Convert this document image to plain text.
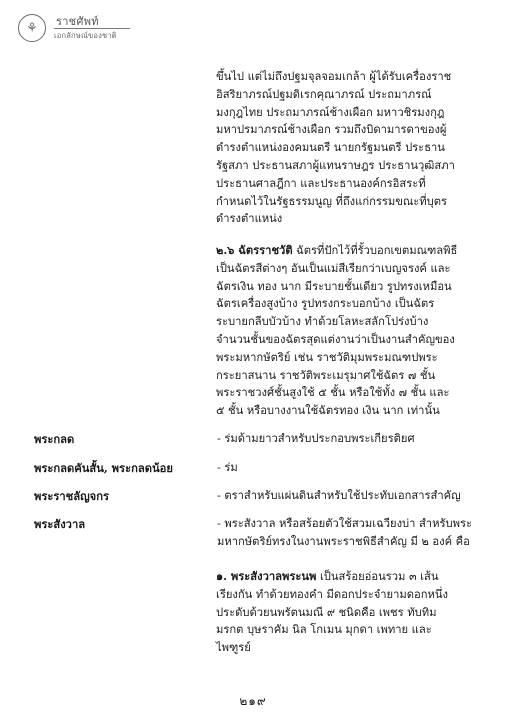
⚘	ราชศัพท์
เอกลักษณ์ของชาติ

ขึ้นไป แต่ไม่ถึงปฐมจุลจอมเกล้า ผู้ได้รับเครื่องราชอิสริยาภรณ์ปฐมดิเรกคุณาภรณ์ ประถมาภรณ์มงกุฎไทย ประถมาภรณ์ช้างเผือก มหาวชิรมงกุฎ มหาปรมาภรณ์ช้างเผือก รวมถึงบิดามารดาของผู้ดำรงตำแหน่งองคมนตรี นายกรัฐมนตรี ประธานรัฐสภา ประธานสภาผู้แทนราษฎร ประธานวุฒิสภา ประธานศาลฎีกา และประธานองค์กรอิสระที่กำหนดไว้ในรัฐธรรมนูญ ที่ถึงแก่กรรมขณะที่บุตรดำรงตำแหน่ง

๒.๖ ฉัตรราชวัติ ฉัตรที่ปักไว้ที่รั้วบอกเขตมณฑลพิธี เป็นฉัตรสีต่างๆ อันเป็นแม่สีเรียกว่าเบญจรงค์ และฉัตรเงิน ทอง นาก มีระบายชั้นเดียว รูปทรงเหมือนฉัตรเครื่องสูงบ้าง รูปทรงกระบอกบ้าง เป็นฉัตรระบายกลีบบัวบ้าง ทำด้วยโลหะสลักโปร่งบ้าง จำนวนชั้นของฉัตรสุดแต่งานว่าเป็นงานสำคัญของพระมหากษัตริย์ เช่น ราชวัติมุมพระมณฑปพระกระยาสนาน ราชวัติพระเมรุมาศใช้ฉัตร ๗ ชั้น พระราชวงศ์ชั้นสูงใช้ ๕ ชั้น หรือใช้ทั้ง ๗ ชั้น และ ๕ ชั้น หรือบางงานใช้ฉัตรทอง เงิน นาก เท่านั้น

พระกลด	- ร่มด้ามยาวสำหรับประกอบพระเกียรติยศ
พระกลดคันสั้น, พระกลดน้อย	- ร่ม
พระราชลัญจกร	- ตราสำหรับแผ่นดินสำหรับใช้ประทับเอกสารสำคัญ
พระสังวาล	- พระสังวาล หรือสร้อยตัวใช้สวมเฉวียงบ่า สำหรับพระมหากษัตริย์ทรงในงานพระราชพิธีสำคัญ มี ๒ องค์ คือ

๑. พระสังวาลพระนพ เป็นสร้อยอ่อนรวม ๓ เส้นเรียงกัน ทำด้วยทองคำ มีดอกประจำยามดอกหนึ่ง ประดับด้วยนพรัตนมณี ๙ ชนิดคือ เพชร ทับทิม มรกต บุษราคัม นิล โกเมน มุกดา เพทาย และไพฑูรย์

๒๑๙
